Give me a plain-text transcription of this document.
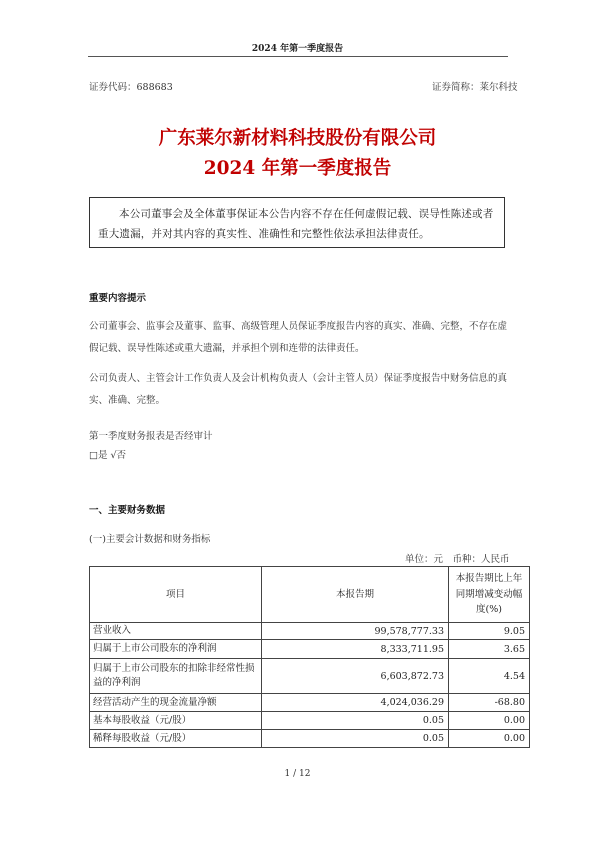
2024 年第一季度报告
证券代码：688683	证券简称：莱尔科技
广东莱尔新材料科技股份有限公司
2024 年第一季度报告
本公司董事会及全体董事保证本公告内容不存在任何虚假记载、误导性陈述或者重大遗漏，并对其内容的真实性、准确性和完整性依法承担法律责任。
重要内容提示
公司董事会、监事会及董事、监事、高级管理人员保证季度报告内容的真实、准确、完整，不存在虚假记载、误导性陈述或重大遗漏，并承担个别和连带的法律责任。
公司负责人、主管会计工作负责人及会计机构负责人（会计主管人员）保证季度报告中财务信息的真实、准确、完整。
第一季度财务报表是否经审计
□是 √否
一、主要财务数据
(一)主要会计数据和财务指标
单位：元　币种：人民币
项目	本报告期	本报告期比上年同期增减变动幅度(%)
营业收入	99,578,777.33	9.05
归属于上市公司股东的净利润	8,333,711.95	3.65
归属于上市公司股东的扣除非经常性损益的净利润	6,603,872.73	4.54
经营活动产生的现金流量净额	4,024,036.29	-68.80
基本每股收益（元/股）	0.05	0.00
稀释每股收益（元/股）	0.05	0.00
1 / 12
